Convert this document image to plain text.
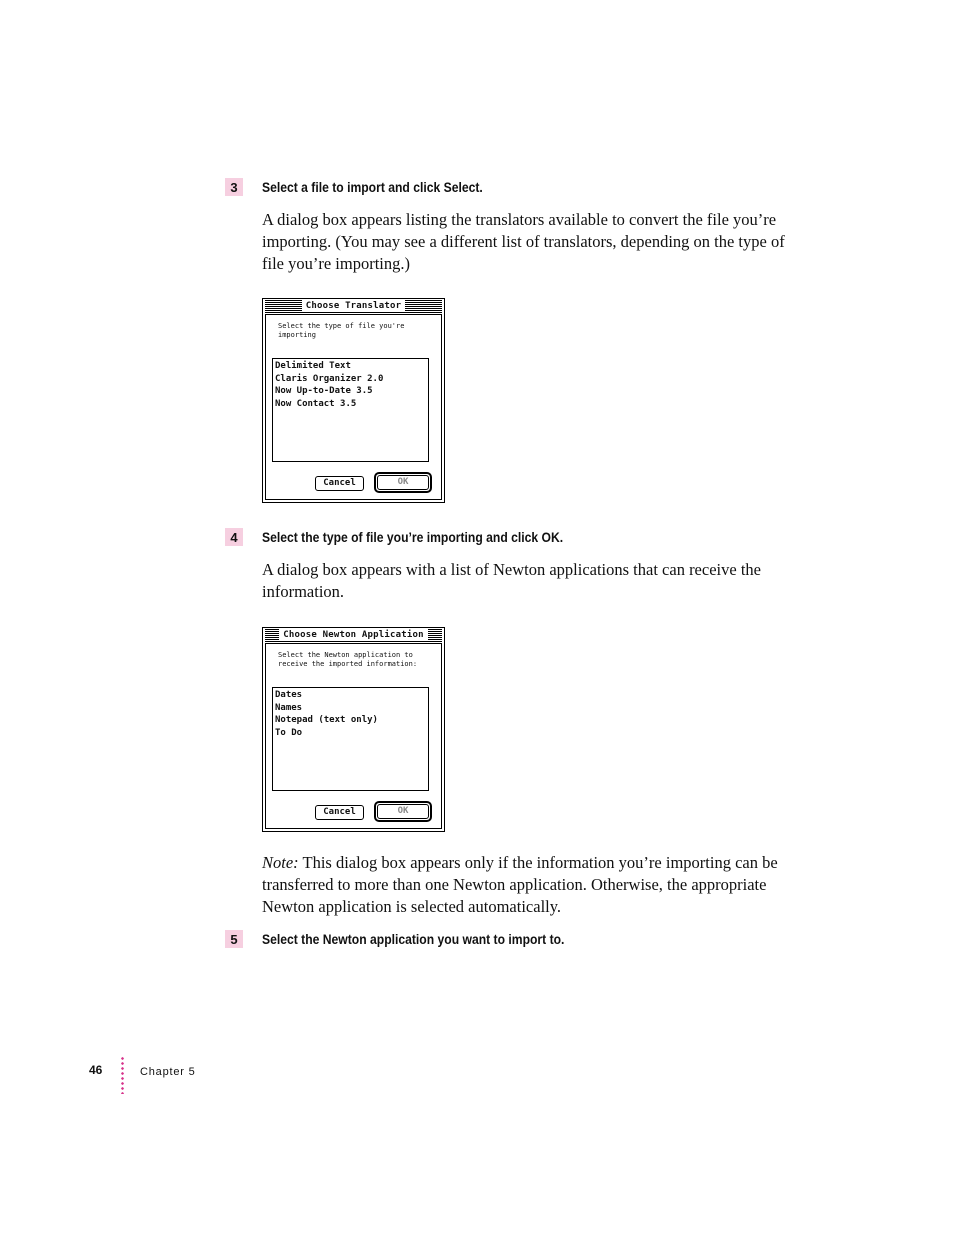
3	Select a file to import and click Select.

A dialog box appears listing the translators available to convert the file you’re importing. (You may see a different list of translators, depending on the type of file you’re importing.)

Choose Translator
Select the type of file you're importing
Delimited Text
Claris Organizer 2.0
Now Up-to-Date 3.5
Now Contact 3.5
Cancel	OK
4	Select the type of file you’re importing and click OK.

A dialog box appears with a list of Newton applications that can receive the information.

Choose Newton Application
Select the Newton application to receive the imported information:
Dates
Names
Notepad (text only)
To Do
Cancel	OK

Note: This dialog box appears only if the information you’re importing can be transferred to more than one Newton application. Otherwise, the appropriate Newton application is selected automatically.

5	Select the Newton application you want to import to.
46	Chapter 5
